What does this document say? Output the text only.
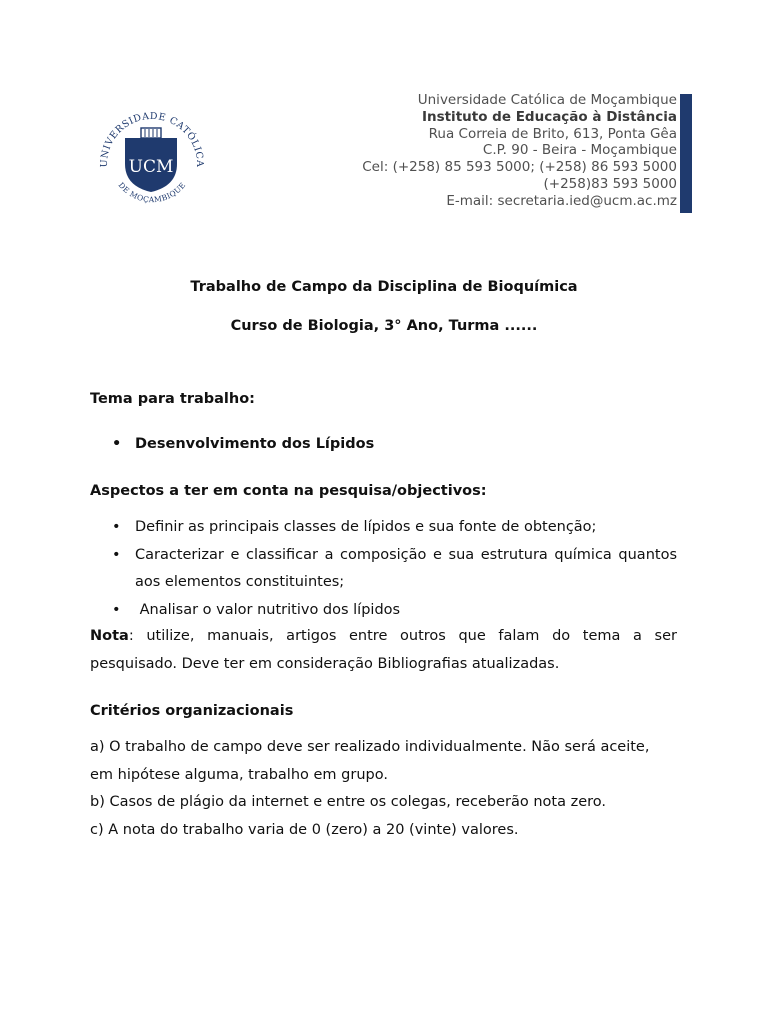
UNIVERSIDADE CATÓLICA
DE MOÇAMBIQUE
UCM
Universidade Católica de Moçambique
Instituto de Educação à Distância
Rua Correia de Brito, 613, Ponta Gêa
C.P. 90 - Beira - Moçambique
Cel: (+258) 85 593 5000; (+258) 86 593 5000
(+258)83 593 5000
E-mail: secretaria.ied@ucm.ac.mz
Trabalho de Campo da Disciplina de Bioquímica
Curso de Biologia, 3° Ano, Turma ......
Tema para trabalho:
• Desenvolvimento dos Lípidos
Aspectos a ter em conta na pesquisa/objectivos:
• Definir as principais classes de lípidos e sua fonte de obtenção;
• Caracterizar e classificar a composição e sua estrutura química quantos aos elementos constituintes;
• Analisar o valor nutritivo dos lípidos

Nota: utilize, manuais, artigos entre outros que falam do tema a ser pesquisado. Deve ter em consideração Bibliografias atualizadas.

Critérios organizacionais

a) O trabalho de campo deve ser realizado individualmente. Não será aceite, em hipótese alguma, trabalho em grupo.

b) Casos de plágio da internet e entre os colegas, receberão nota zero.

c) A nota do trabalho varia de 0 (zero) a 20 (vinte) valores.
